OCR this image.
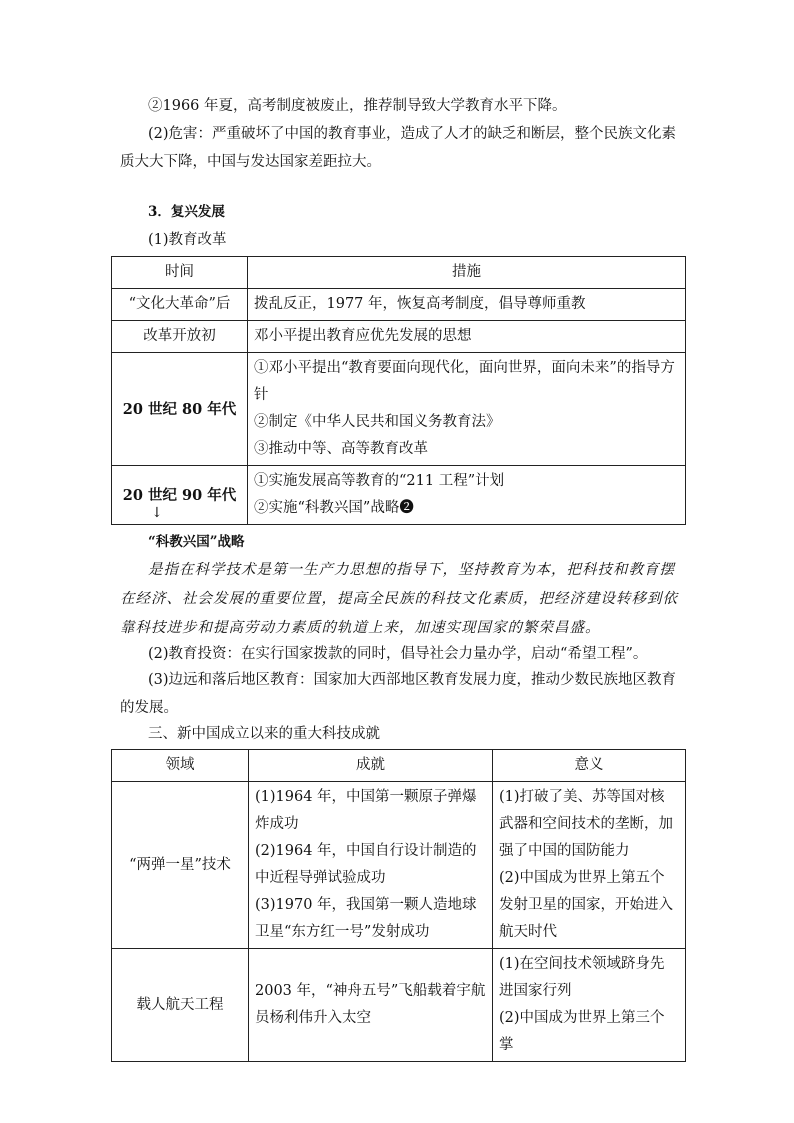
②1966 年夏，高考制度被废止，推荐制导致大学教育水平下降。

(2)危害：严重破坏了中国的教育事业，造成了人才的缺乏和断层，整个民族文化素质大大下降，中国与发达国家差距拉大。

3．复兴发展

(1)教育改革

时间	措施
“文化大革命”后	拨乱反正，1977 年，恢复高考制度，倡导尊师重教
改革开放初	邓小平提出教育应优先发展的思想
20 世纪 80 年代	①邓小平提出“教育要面向现代化，面向世界，面向未来”的指导方针
②制定《中华人民共和国义务教育法》
③推动中等、高等教育改革

20 世纪 90 年代	①实施发展高等教育的“211 工程”计划
②实施“科教兴国”战略❷
↓

“科教兴国”战略

是指在科学技术是第一生产力思想的指导下，坚持教育为本，把科技和教育摆在经济、社会发展的重要位置，提高全民族的科技文化素质，把经济建设转移到依靠科技进步和提高劳动力素质的轨道上来，加速实现国家的繁荣昌盛。

(2)教育投资：在实行国家拨款的同时，倡导社会力量办学，启动“希望工程”。

(3)边远和落后地区教育：国家加大西部地区教育发展力度，推动少数民族地区教育的发展。

三、新中国成立以来的重大科技成就

领域	成就	意义
“两弹一星”技术	(1)1964 年，中国第一颗原子弹爆炸成功
(2)1964 年，中国自行设计制造的中近程导弹试验成功
(3)1970 年，我国第一颗人造地球卫星“东方红一号”发射成功	(1)打破了美、苏等国对核武器和空间技术的垄断，加强了中国的国防能力
(2)中国成为世界上第五个发射卫星的国家，开始进入航天时代

载人航天工程	2003 年，“神舟五号”飞船载着宇航员杨利伟升入太空	(1)在空间技术领域跻身先进国家行列
(2)中国成为世界上第三个掌
